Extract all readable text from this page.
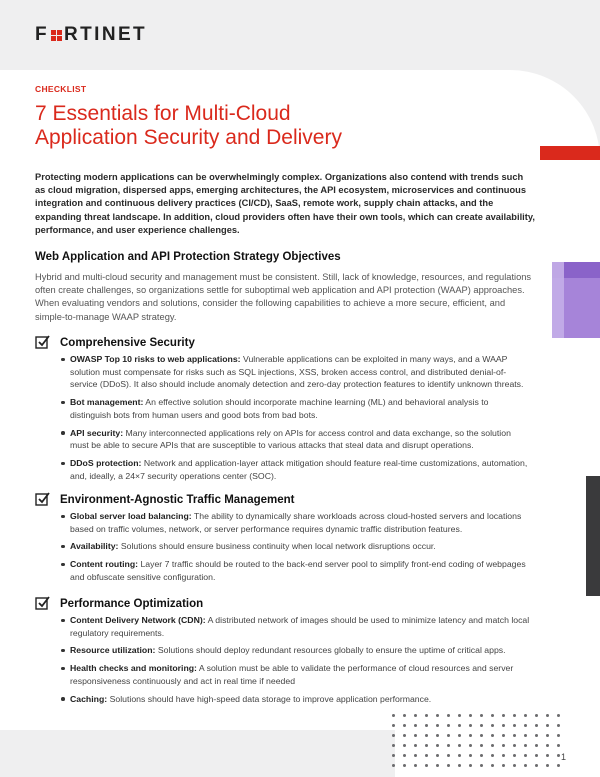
F RTINET

CHECKLIST

7 Essentials for Multi-Cloud Application Security and Delivery
Protecting modern applications can be overwhelmingly complex. Organizations also contend with trends such as cloud migration, dispersed apps, emerging architectures, the API ecosystem, microservices and continuous integration and continuous delivery practices (CI/CD), SaaS, remote work, supply chain attacks, and the expanding threat landscape. In addition, cloud providers often have their own tools, which can create availability, performance, and user experience challenges.
Web Application and API Protection Strategy Objectives
Hybrid and multi-cloud security and management must be consistent. Still, lack of knowledge, resources, and regulations often create challenges, so organizations settle for suboptimal web application and API protection (WAAP) approaches. When evaluating vendors and solutions, consider the following capabilities to achieve a more secure, efficient, and simple-to-manage WAAP strategy.
Comprehensive Security
OWASP Top 10 risks to web applications: Vulnerable applications can be exploited in many ways, and a WAAP solution must compensate for risks such as SQL injections, XSS, broken access control, and distributed denial-of-service (DDoS). It also should include anomaly detection and zero-day protection features to identify unknown threats.
Bot management: An effective solution should incorporate machine learning (ML) and behavioral analysis to distinguish bots from human users and good bots from bad bots.
API security: Many interconnected applications rely on APIs for access control and data exchange, so the solution must be able to secure APIs that are susceptible to various attacks that steal data and disrupt operations.
DDoS protection: Network and application-layer attack mitigation should feature real-time customizations, automation, and, ideally, a 24×7 security operations center (SOC).
Environment-Agnostic Traffic Management
Global server load balancing: The ability to dynamically share workloads across cloud-hosted servers and locations based on traffic volumes, network, or server performance requires dynamic traffic distribution features.
Availability: Solutions should ensure business continuity when local network disruptions occur.
Content routing: Layer 7 traffic should be routed to the back-end server pool to simplify front-end coding of webpages and obfuscate sensitive configuration.
Performance Optimization
Content Delivery Network (CDN): A distributed network of images should be used to minimize latency and match local regulatory requirements.
Resource utilization: Solutions should deploy redundant resources globally to ensure the uptime of critical apps.
Health checks and monitoring: A solution must be able to validate the performance of cloud resources and server responsiveness continuously and act in real time if needed
Caching: Solutions should have high-speed data storage to improve application performance.
1
